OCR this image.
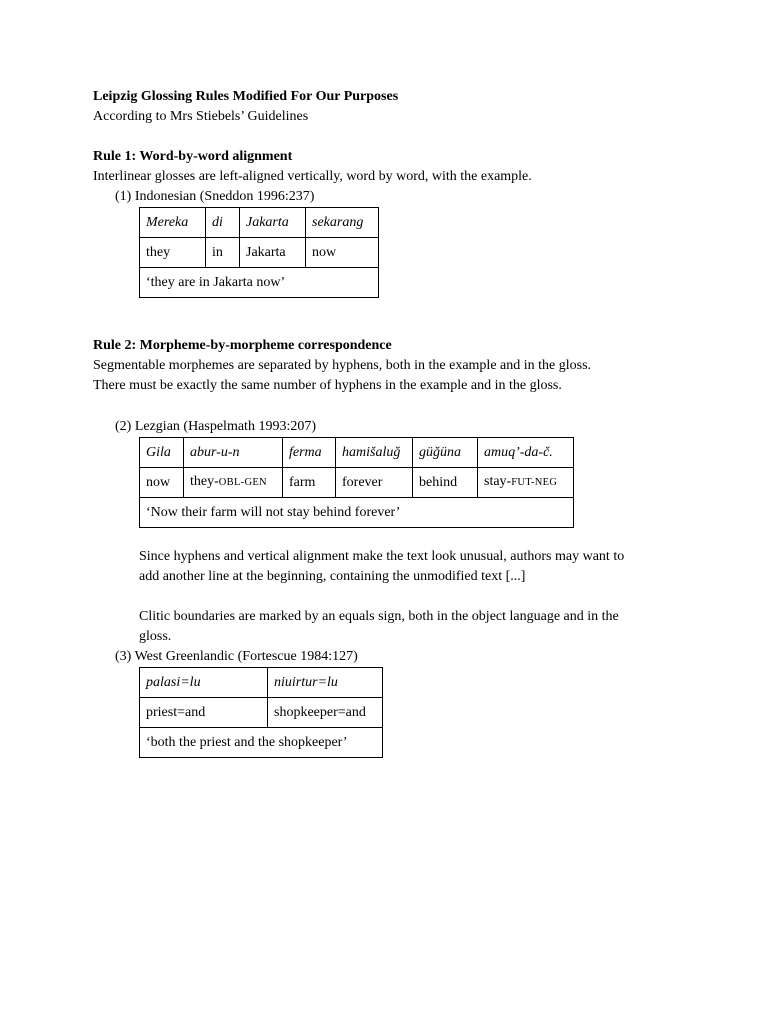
Leipzig Glossing Rules Modified For Our Purposes

According to Mrs Stiebels’ Guidelines

Rule 1: Word-by-word alignment

Interlinear glosses are left-aligned vertically, word by word, with the example.

(1) Indonesian (Sneddon 1996:237)

Mereka	di	Jakarta	sekarang
they	in	Jakarta	now
‘they are in Jakarta now’			

Rule 2: Morpheme-by-morpheme correspondence

Segmentable morphemes are separated by hyphens, both in the example and in the gloss. There must be exactly the same number of hyphens in the example and in the gloss.

(2) Lezgian (Haspelmath 1993:207)

Gila	abur-u-n	ferma	hamišaluğ	güğüna	amuq’-da-č.
now	they-OBL-GEN	farm	forever	behind	stay-FUT-NEG
‘Now their farm will not stay behind forever’					

Since hyphens and vertical alignment make the text look unusual, authors may want to add another line at the beginning, containing the unmodified text [...]

Clitic boundaries are marked by an equals sign, both in the object language and in the gloss.

(3) West Greenlandic (Fortescue 1984:127)

palasi=lu	niuirtur=lu
priest=and	shopkeeper=and
‘both the priest and the shopkeeper’	
